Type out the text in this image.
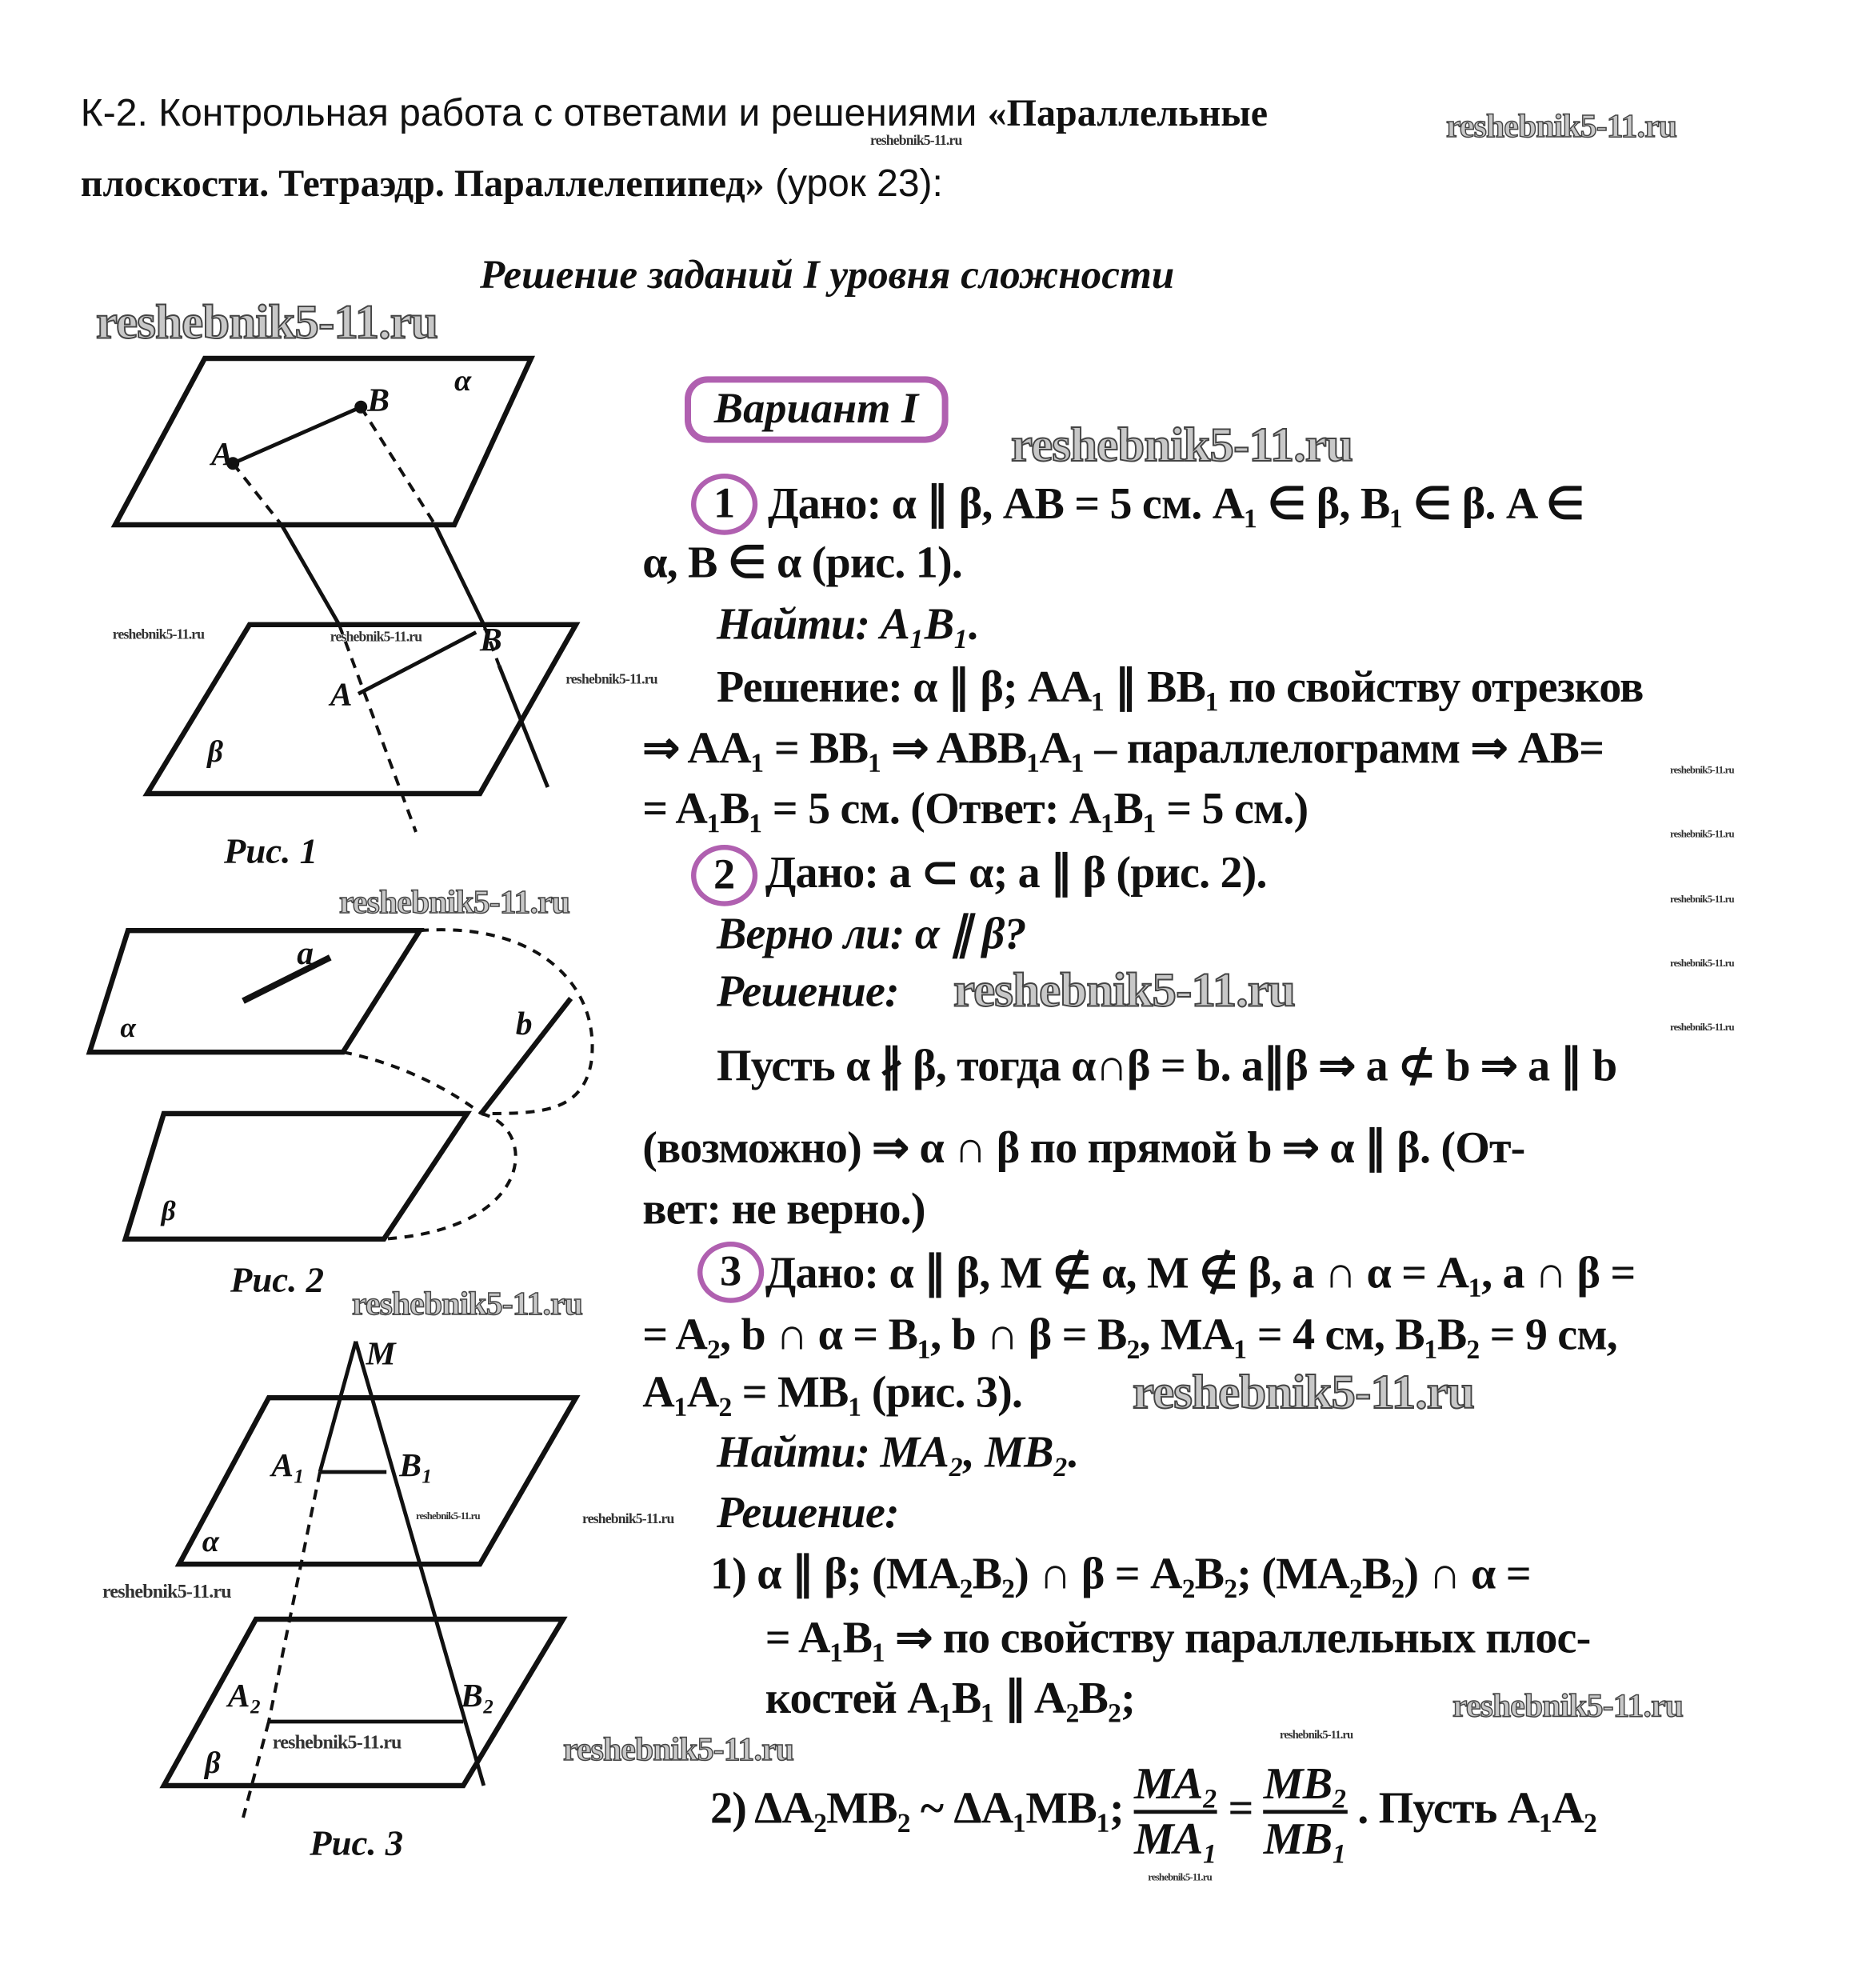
К-2. Контрольная работа с ответами и решениями «Параллельные
плоскости. Тетраэдр. Параллелепипед» (урок 23):
Решение заданий I уровня сложности
reshebnik5-11.ru
reshebnik5-11.ru
reshebnik5-11.ru
reshebnik5-11.ru
reshebnik5-11.ru	reshebnik5-11.ru
reshebnik5-11.ru
reshebnik5-11.ru
reshebnik5-11.ru
reshebnik5-11.ru
reshebnik5-11.ru
reshebnik5-11.ru
reshebnik5-11.ru
reshebnik5-11.ru
reshebnik5-11.ru
reshebnik5-11.ru
reshebnik5-11.ru	reshebnik5-11.ru
reshebnik5-11.ru
reshebnik5-11.ru
reshebnik5-11.ru	reshebnik5-11.ru
reshebnik5-11.ru
reshebnik5-11.ru
A
B
α
A
B
β
Рис. 1
a
α	b
β
Рис. 2
M
A₁	B₁
α
A₂	B₂
β
Рис. 3
Вариант I
1	Дано: α ∥ β, AB = 5 см. A₁ ∈ β, B₁ ∈ β. A ∈
α, B ∈ α (рис. 1).
Найти: A₁B₁.
Решение: α ∥ β; AA₁ ∥ BB₁ по свойству отрезков
⇒ AA₁ = BB₁ ⇒ ABB₁A₁ – параллелограмм ⇒ AB=
= A₁B₁ = 5 см. (Ответ: A₁B₁ = 5 см.)
2	Дано: a ⊂ α; a ∥ β (рис. 2).
Верно ли: α ∥ β?
Решение:
Пусть α ∦ β, тогда α∩β = b. a∥β ⇒ a ⊄ b ⇒ a ∥ b
(возможно) ⇒ α ∩ β по прямой b ⇒ α ∥ β. (От-
вет: не верно.)
3 Дано: α ∥ β, M ∉ α, M ∉ β, a ∩ α = A₁, a ∩ β =
= A₂, b ∩ α = B₁, b ∩ β = B₂, MA₁ = 4 см, B₁B₂ = 9 см,
A₁A₂ = MB₁ (рис. 3).
Найти: MA₂, MB₂.
Решение:
1) α ∥ β; (MA₂B₂) ∩ β = A₂B₂; (MA₂B₂) ∩ α =
= A₁B₁ ⇒ по свойству параллельных плос-
костей A₁B₁ ∥ A₂B₂;
2) ΔA₂MB₂ ~ ΔA₁MB₁; $\frac{\text{MA₂}}{\text{MA₁}} = \frac{\text{MB₂}}{\text{MB₁}}$ . Пусть A₁A₂
